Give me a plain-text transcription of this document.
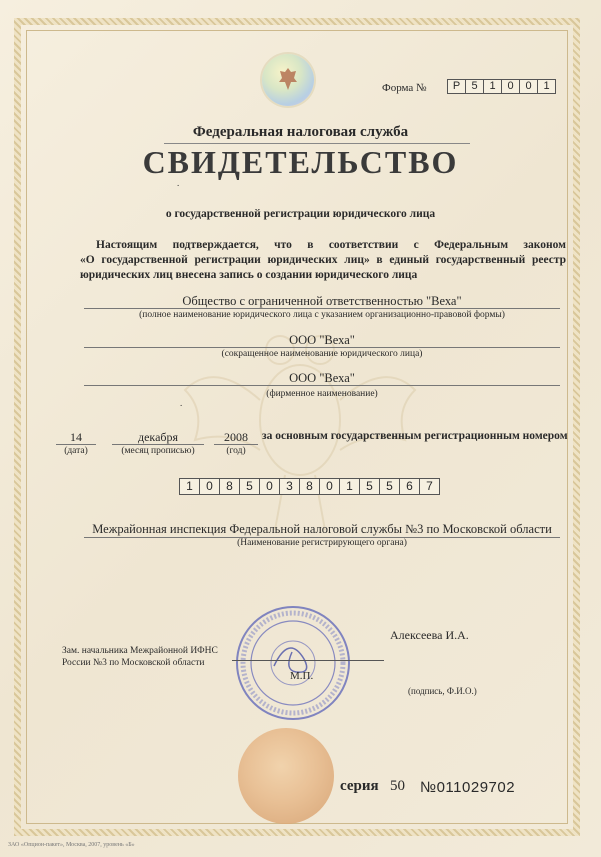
Форма №	Р	5	1	0	0	1
Федеральная налоговая служба
СВИДЕТЕЛЬСТВО
.
о государственной регистрации юридического лица
Настоящим подтверждается, что в соответствии с Федеральным законом
«О государственной регистрации юридических лиц» в единый государственный реестр
юридических лиц внесена запись о создании юридического лица
Общество с ограниченной ответственностью "Веха"
(полное наименование юридического лица с указанием организационно-правовой формы)
ООО "Веха"
(сокращенное наименование юридического лица)
ООО "Веха"
(фирменное наименование)
.
14
(дата)
декабря
(месяц прописью)
2008
(год)
за основным государственным регистрационным номером
1	0	8	5	0	3	8	0	1	5	5	6	7
Межрайонная инспекция Федеральной налоговой службы №3 по Московской области
(Наименование регистрирующего органа)
Зам. начальника Межрайонной ИФНС
России №3 по Московской области
М.П.
Алексеева И.А.
(подпись, Ф.И.О.)
серия 50 №011029702
ЗАО «Опцион-пакет», Москва, 2007, уровень «Б»
